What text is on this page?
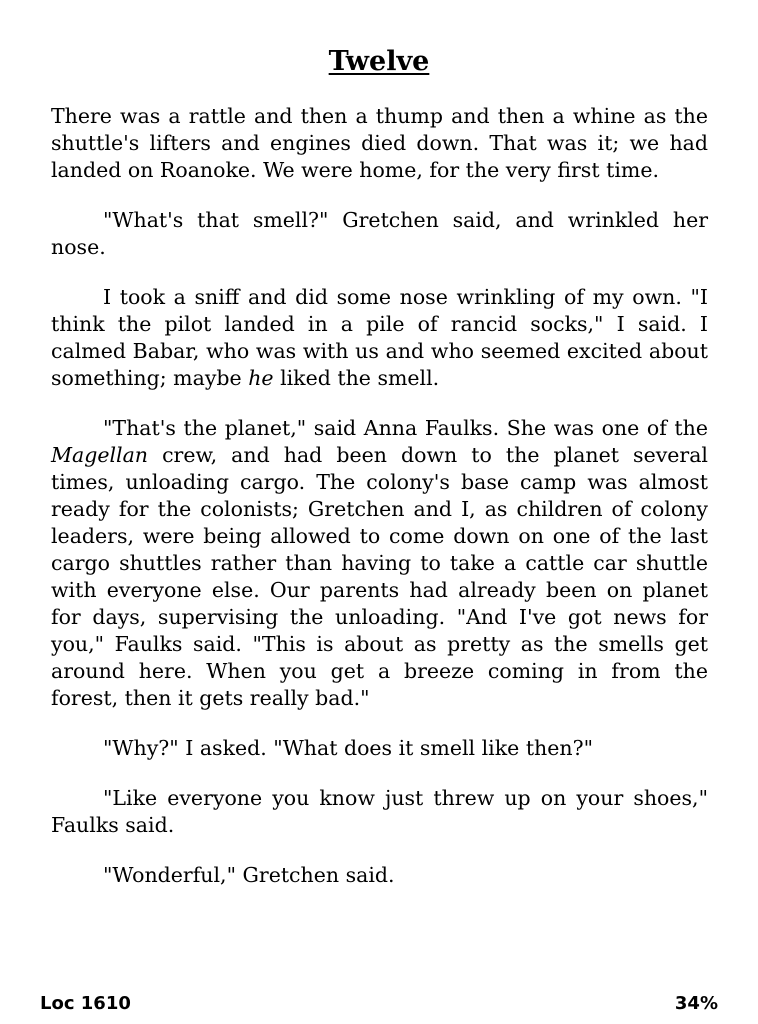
Twelve

There was a rattle and then a thump and then a whine as the shuttle's lifters and engines died down. That was it; we had landed on Roanoke. We were home, for the very first time.

"What's that smell?" Gretchen said, and wrinkled her nose.

I took a sniff and did some nose wrinkling of my own. "I think the pilot landed in a pile of rancid socks," I said. I calmed Babar, who was with us and who seemed excited about something; maybe he liked the smell.

"That's the planet," said Anna Faulks. She was one of the Magellan crew, and had been down to the planet several times, unloading cargo. The colony's base camp was almost ready for the colonists; Gretchen and I, as children of colony leaders, were being allowed to come down on one of the last cargo shuttles rather than having to take a cattle car shuttle with everyone else. Our parents had already been on planet for days, supervising the unloading. "And I've got news for you," Faulks said. "This is about as pretty as the smells get around here. When you get a breeze coming in from the forest, then it gets really bad."

"Why?" I asked. "What does it smell like then?"

"Like everyone you know just threw up on your shoes," Faulks said.

"Wonderful," Gretchen said.

Loc 1610	34%
